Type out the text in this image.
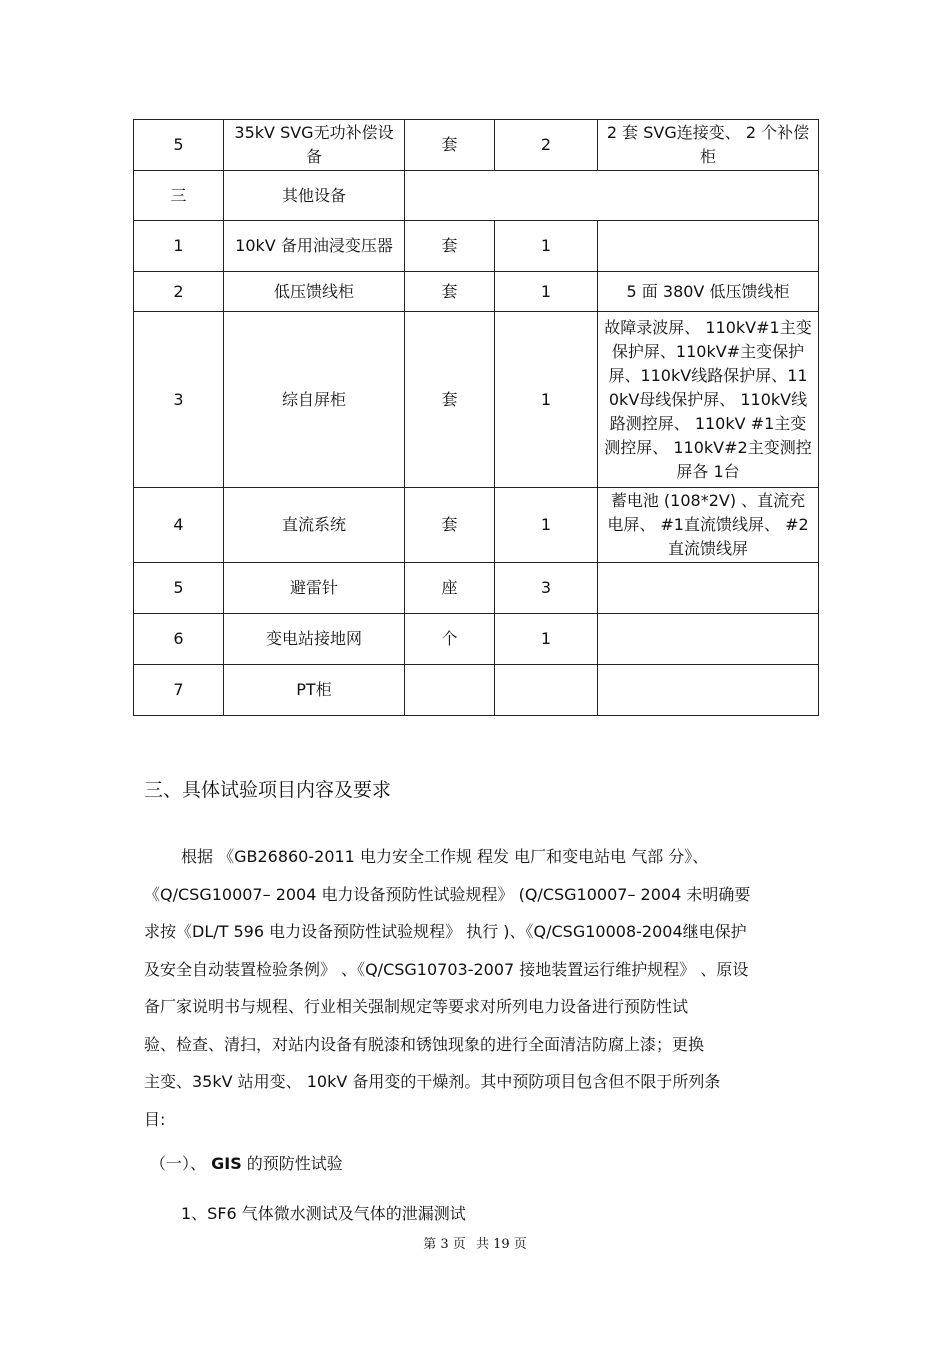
5	35kV SVG无功补偿设备	套	2	2 套 SVG连接变、 2 个补偿柜
三	其他设备			
1	10kV 备用油浸变压器	套	1	
2	低压馈线柜	套	1	5 面 380V 低压馈线柜
3	综自屏柜	套	1	故障录波屏、 110kV#1主变保护屏、110kV#主变保护屏、110kV线路保护屏、110kV母线保护屏、 110kV线路测控屏、 110kV #1主变测控屏、 110kV#2主变测控屏各 1台
4	直流系统	套	1	蓄电池 (108*2V) 、直流充电屏、 #1直流馈线屏、 #2直流馈线屏
5	避雷针	座	3	
6	变电站接地网	个	1	
7	PT柜			
三、具体试验项目内容及要求

根据 《GB26860-2011 电力安全工作规 程发 电厂和变电站电 气部 分》、

《Q/CSG10007– 2004 电力设备预防性试验规程》 (Q/CSG10007– 2004 未明确要

求按《DL/T 596 电力设备预防性试验规程》 执行 )、《Q/CSG10008-2004继电保护

及安全自动装置检验条例》 、《Q/CSG10703-2007 接地装置运行维护规程》 、原设

备厂家说明书与规程、行业相关强制规定等要求对所列电力设备进行预防性试

验、检查、清扫，对站内设备有脱漆和锈蚀现象的进行全面清洁防腐上漆；更换

主变、35kV 站用变、 10kV 备用变的干燥剂。其中预防项目包含但不限于所列条

目:

（一）、 GIS 的预防性试验
1、SF6 气体微水测试及气体的泄漏测试
第 3 页 共 19 页
